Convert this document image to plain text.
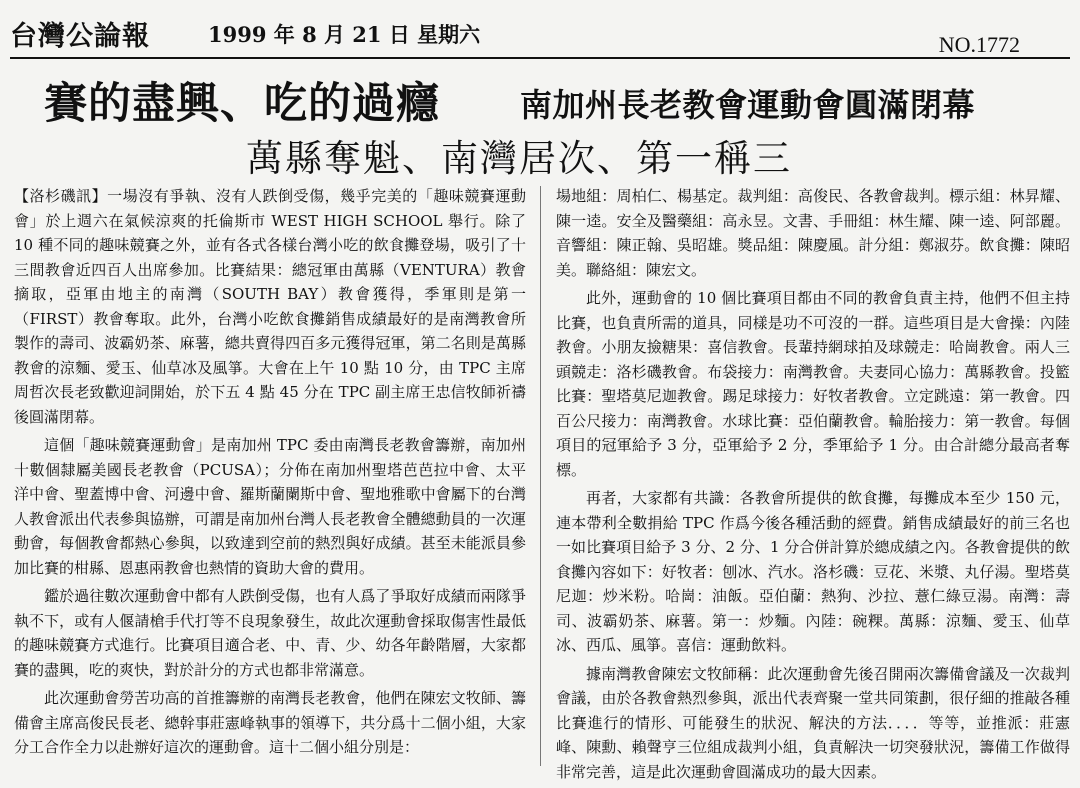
台灣公論報	1999 年 8 月 21 日 星期六	NO.1772
賽的盡興、吃的過癮	南加州長老教會運動會圓滿閉幕
萬縣奪魁、南灣居次、第一稱三

【洛杉磯訊】一場沒有爭執、沒有人跌倒受傷，幾乎完美的「趣味競賽運動會」於上週六在氣候涼爽的托倫斯市 WEST HIGH SCHOOL 舉行。除了 10 種不同的趣味競賽之外，並有各式各樣台灣小吃的飲食攤登場，吸引了十三間教會近四百人出席參加。比賽結果：總冠軍由萬縣（VENTURA）教會摘取，亞軍由地主的南灣（SOUTH BAY）教會獲得，季軍則是第一（FIRST）教會奪取。此外，台灣小吃飲食攤銷售成績最好的是南灣教會所製作的壽司、波霸奶茶、麻薯，總共賣得四百多元獲得冠軍，第二名則是萬縣教會的涼麵、愛玉、仙草冰及風箏。大會在上午 10 點 10 分，由 TPC 主席周哲次長老致歡迎詞開始，於下五 4 點 45 分在 TPC 副主席王忠信牧師祈禱後圓滿閉幕。

這個「趣味競賽運動會」是南加州 TPC 委由南灣長老教會籌辦，南加州十數個隸屬美國長老教會（PCUSA）；分佈在南加州聖塔芭芭拉中會、太平洋中會、聖蓋博中會、河邊中會、羅斯蘭闌斯中會、聖地雅歌中會屬下的台灣人教會派出代表參與協辦，可謂是南加州台灣人長老教會全體總動員的一次運動會，每個教會都熱心參與，以致達到空前的熱烈與好成績。甚至未能派員參加比賽的柑縣、恩惠兩教會也熱情的資助大會的費用。

鑑於過往數次運動會中都有人跌倒受傷，也有人爲了爭取好成績而兩隊爭執不下，或有人偃請槍手代打等不良現象發生，故此次運動會採取傷害性最低的趣味競賽方式進行。比賽項目適合老、中、青、少、幼各年齡階層，大家都賽的盡興，吃的爽快，對於計分的方式也都非常滿意。

此次運動會勞苦功高的首推籌辦的南灣長老教會，他們在陳宏文牧師、籌備會主席高俊民長老、總幹事莊憲峰執事的領導下，共分爲十二個小組，大家分工合作全力以赴辦好這次的運動會。這十二個小組分別是：

場地組：周柏仁、楊基定。裁判組：高俊民、各教會裁判。標示組：林昇耀、陳一逵。安全及醫藥組：高永昱。文書、手冊組：林生耀、陳一逵、阿部麗。音響組：陳正翰、吳昭雄。獎品組：陳慶風。計分組：鄭淑芬。飲食攤：陳昭美。聯絡組：陳宏文。

此外，運動會的 10 個比賽項目都由不同的教會負責主持，他們不但主持比賽，也負責所需的道具，同樣是功不可沒的一群。這些項目是大會操：內陸教會。小朋友撿糖果：喜信教會。長輩持網球拍及球競走：哈崗教會。兩人三頭競走：洛杉磯教會。布袋接力：南灣教會。夫妻同心協力：萬縣教會。投籃比賽：聖塔莫尼迦教會。踢足球接力：好牧者教會。立定跳遠：第一教會。四百公尺接力：南灣教會。水球比賽：亞伯蘭教會。輪胎接力：第一教會。每個項目的冠軍給予 3 分，亞軍給予 2 分，季軍給予 1 分。由合計總分最高者奪標。

再者，大家都有共識：各教會所提供的飲食攤，每攤成本至少 150 元，連本帶利全數捐給 TPC 作爲今後各種活動的經費。銷售成績最好的前三名也一如比賽項目給予 3 分、2 分、1 分合併計算於總成績之內。各教會提供的飲食攤內容如下：好牧者：刨冰、汽水。洛杉磯：豆花、米漿、丸仔湯。聖塔莫尼迦：炒米粉。哈崗：油飯。亞伯蘭：熱狗、沙拉、薏仁綠豆湯。南灣：壽司、波霸奶茶、麻薯。第一：炒麵。內陸：碗粿。萬縣：涼麵、愛玉、仙草冰、西瓜、風箏。喜信：運動飲料。

據南灣教會陳宏文牧師稱：此次運動會先後召開兩次籌備會議及一次裁判會議，由於各教會熱烈參與，派出代表齊聚一堂共同策劃，很仔細的推敲各種比賽進行的情形、可能發生的狀況、解決的方法．．．．等等，並推派：莊憲峰、陳勳、賴聲亨三位組成裁判小組，負責解決一切突發狀況，籌備工作做得非常完善，這是此次運動會圓滿成功的最大因素。
